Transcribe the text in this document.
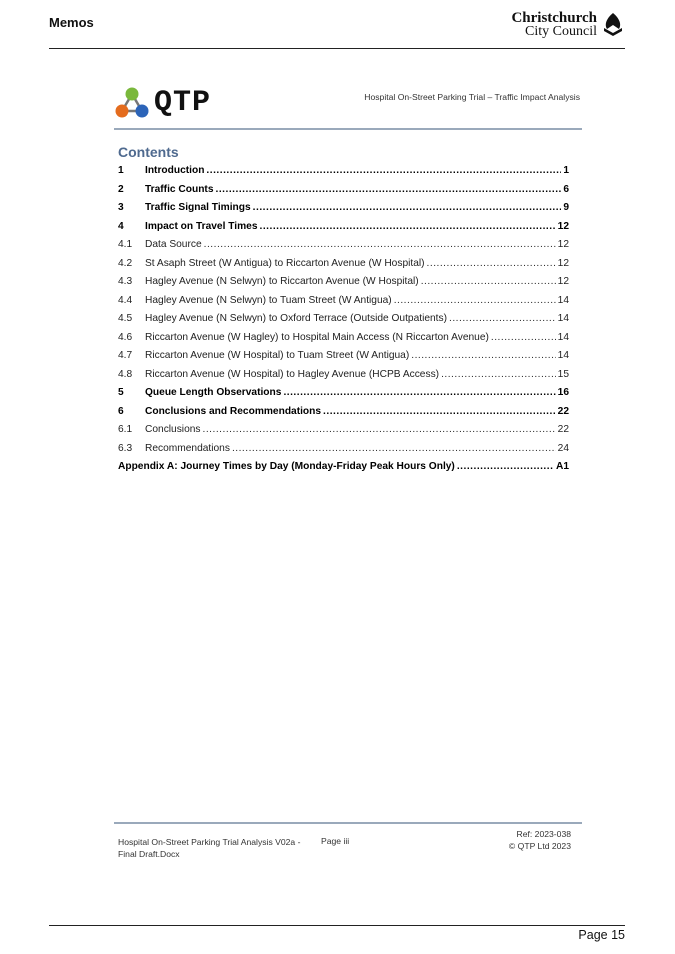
Memos	Christchurch
City Council
QTP	Hospital On-Street Parking Trial – Traffic Impact Analysis
Contents
1	Introduction .....	1
2	Traffic Counts .....	6
3	Traffic Signal Timings .....	9
4	Impact on Travel Times .....	12
4.1	Data Source .....	12
4.2	St Asaph Street (W Antigua) to Riccarton Avenue (W Hospital) .....	12
4.3	Hagley Avenue (N Selwyn) to Riccarton Avenue (W Hospital) .....	12
4.4	Hagley Avenue (N Selwyn) to Tuam Street (W Antigua) .....	14
4.5	Hagley Avenue (N Selwyn) to Oxford Terrace (Outside Outpatients) .....	14
4.6	Riccarton Avenue (W Hagley) to Hospital Main Access (N Riccarton Avenue) .....	14
4.7	Riccarton Avenue (W Hospital) to Tuam Street (W Antigua) .....	14
4.8	Riccarton Avenue (W Hospital) to Hagley Avenue (HCPB Access) .....	15
5	Queue Length Observations .....	16
6	Conclusions and Recommendations .....	22
6.1	Conclusions .....	22
6.3	Recommendations .....	24
Appendix A: Journey Times by Day (Monday-Friday Peak Hours Only) .....	A1
Hospital On-Street Parking Trial Analysis V02a -
Final Draft.Docx
Page iii
Ref: 2023-038
© QTP Ltd 2023
Page 15
